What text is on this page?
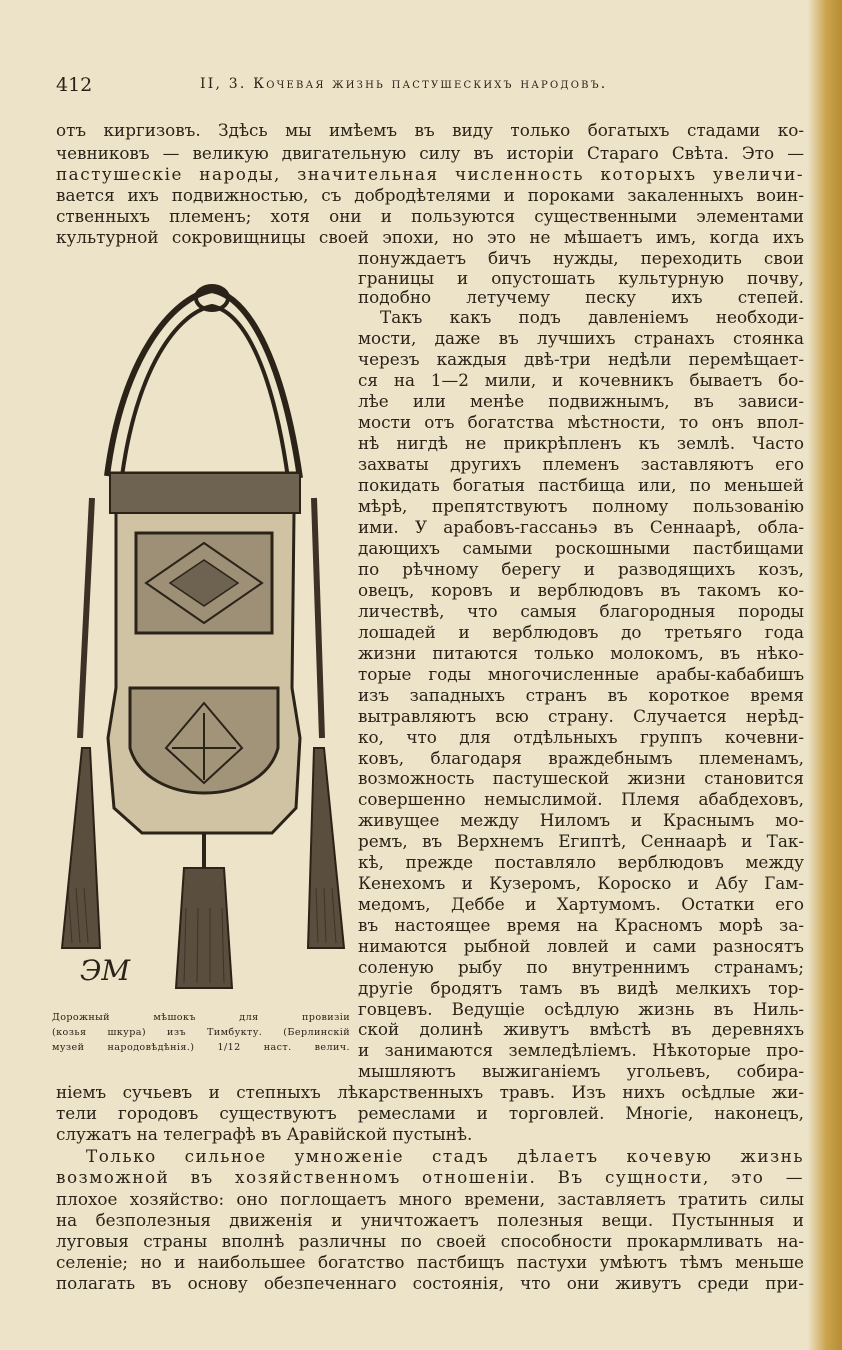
412	II, 3. Кочевая жизнь пастушескихъ народовъ.
отъ киргизовъ. Здѣсь мы имѣемъ въ виду только богатыхъ стадами ко-
чевниковъ — великую двигательную силу въ исторіи Стараго Свѣта. Это —
пастушескіе народы, значительная численность которыхъ увеличи-
вается ихъ подвижностью, съ добродѣтелями и пороками закаленныхъ воин-
ственныхъ племенъ; хотя они и пользуются существенными элементами
культурной сокровищницы своей эпохи, но это не мѣшаетъ имъ, когда ихъ
ЭМ
Дорожный мѣшокъ для провизіи
(козья шкура) изъ Тимбукту. (Берлинскій
музей народовѣдѣнія.) 1/12 наст. велич.
понуждаетъ бичъ нужды, переходить свои
границы и опустошать культурную почву,
подобно летучему песку ихъ степей.
Такъ какъ подъ давленіемъ необходи-
мости, даже въ лучшихъ странахъ стоянка
черезъ каждыя двѣ-три недѣли перемѣщает-
ся на 1—2 мили, и кочевникъ бываетъ бо-
лѣе или менѣе подвижнымъ, въ зависи-
мости отъ богатства мѣстности, то онъ впол-
нѣ нигдѣ не прикрѣпленъ къ землѣ. Часто
захваты другихъ племенъ заставляютъ его
покидать богатыя пастбища или, по меньшей
мѣрѣ, препятствуютъ полному пользованію
ими. У арабовъ-гассаньэ въ Сеннаарѣ, обла-
дающихъ самыми роскошными пастбищами
по рѣчному берегу и разводящихъ козъ,
овецъ, коровъ и верблюдовъ въ такомъ ко-
личествѣ, что самыя благородныя породы
лошадей и верблюдовъ до третьяго года
жизни питаются только молокомъ, въ нѣко-
торые годы многочисленные арабы-кабабишъ
изъ западныхъ странъ въ короткое время
вытравляютъ всю страну. Случается нерѣд-
ко, что для отдѣльныхъ группъ кочевни-
ковъ, благодаря враждебнымъ племенамъ,
возможность пастушеской жизни становится
совершенно немыслимой. Племя абабдеховъ,
живущее между Ниломъ и Краснымъ мо-
ремъ, въ Верхнемъ Египтѣ, Сеннаарѣ и Так-
кѣ, прежде поставляло верблюдовъ между
Кенехомъ и Кузеромъ, Короско и Абу Гам-
медомъ, Деббе и Хартумомъ. Остатки его
въ настоящее время на Красномъ морѣ за-
нимаются рыбной ловлей и сами разносятъ
соленую рыбу по внутреннимъ странамъ;
другіе бродятъ тамъ въ видѣ мелкихъ тор-
говцевъ. Ведущіе осѣдлую жизнь въ Ниль-
ской долинѣ живутъ вмѣстѣ въ деревняхъ
и занимаются земледѣліемъ. Нѣкоторые про-
мышляютъ выжиганіемъ угольевъ, собира-
ніемъ сучьевъ и степныхъ лѣкарственныхъ травъ. Изъ нихъ осѣдлые жи-
тели городовъ существуютъ ремеслами и торговлей. Многіе, наконецъ,
служатъ на телеграфѣ въ Аравійской пустынѣ.
Только сильное умноженіе стадъ дѣлаетъ кочевую жизнь
возможной въ хозяйственномъ отношеніи. Въ сущности, это —
плохое хозяйство: оно поглощаетъ много времени, заставляетъ тратить силы
на безполезныя движенія и уничтожаетъ полезныя вещи. Пустынныя и
луговыя страны вполнѣ различны по своей способности прокармливать на-
селеніе; но и наибольшее богатство пастбищъ пастухи умѣютъ тѣмъ меньше
полагать въ основу обезпеченнаго состоянія, что они живутъ среди при-
